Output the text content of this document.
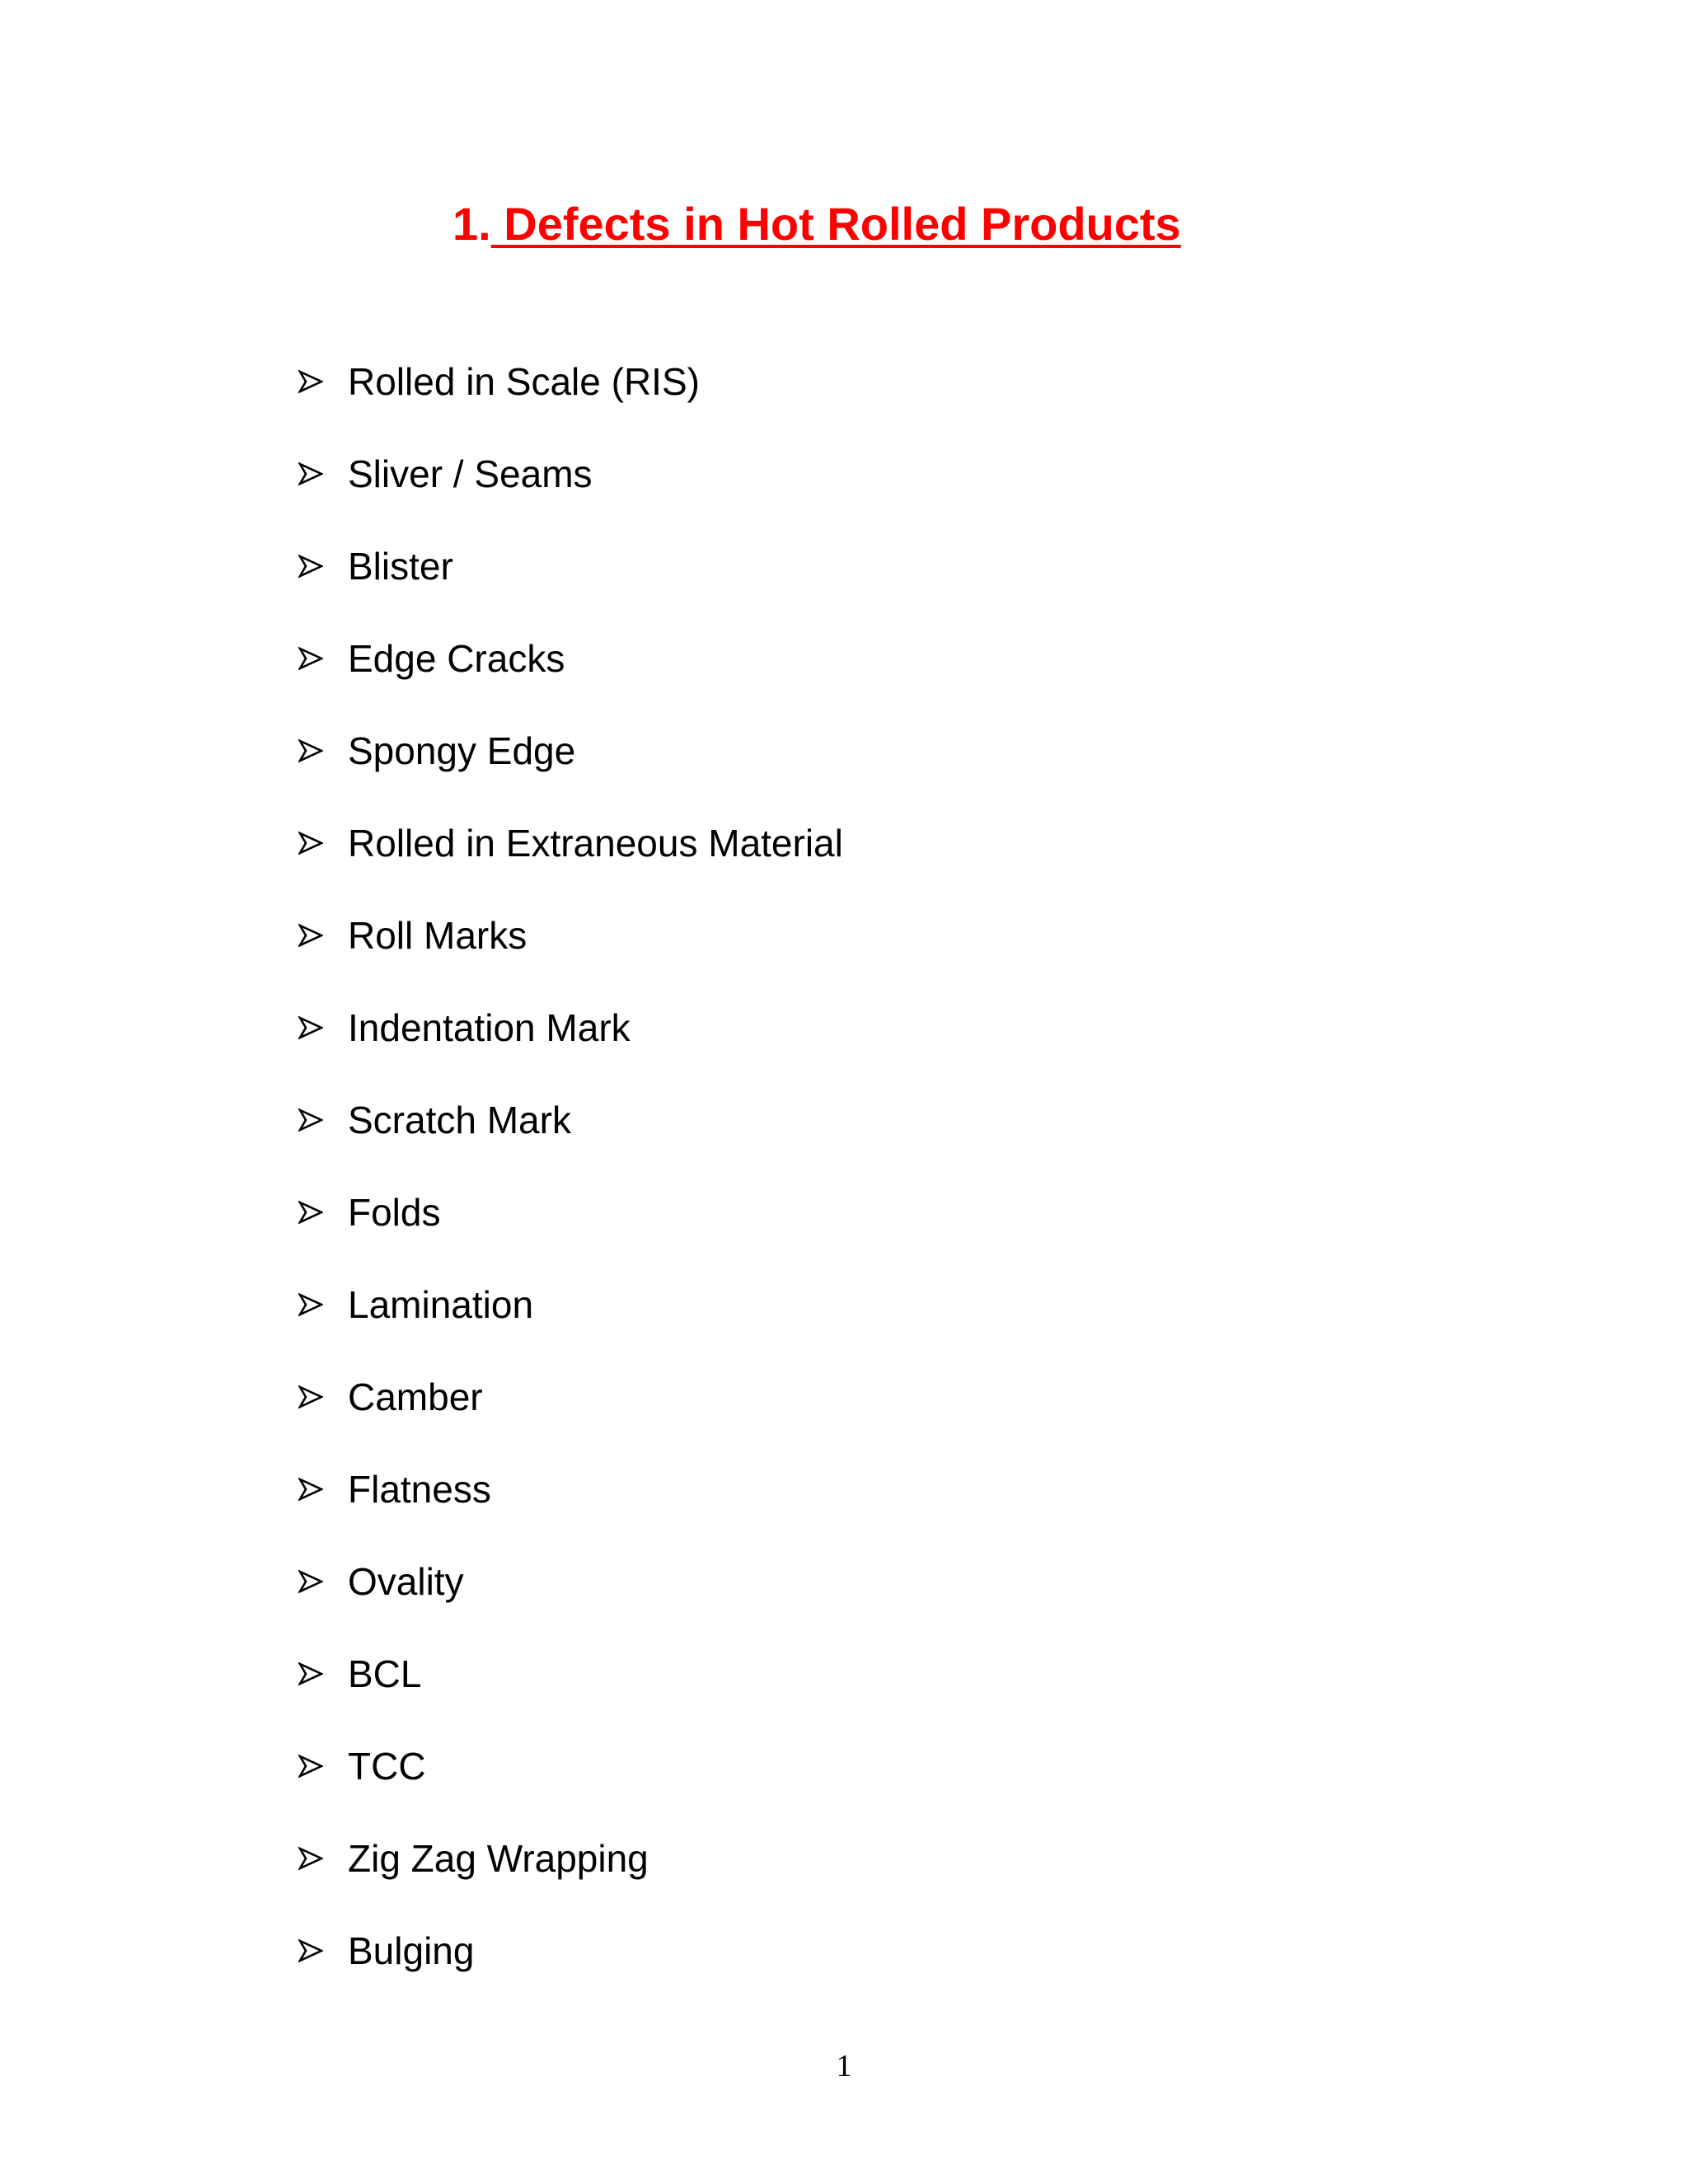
1. Defects in Hot Rolled Products
Rolled in Scale (RIS)
Sliver / Seams
Blister
Edge Cracks
Spongy Edge
Rolled in Extraneous Material
Roll Marks
Indentation Mark
Scratch Mark
Folds
Lamination
Camber
Flatness
Ovality
BCL
TCC
Zig Zag Wrapping
Bulging
1
